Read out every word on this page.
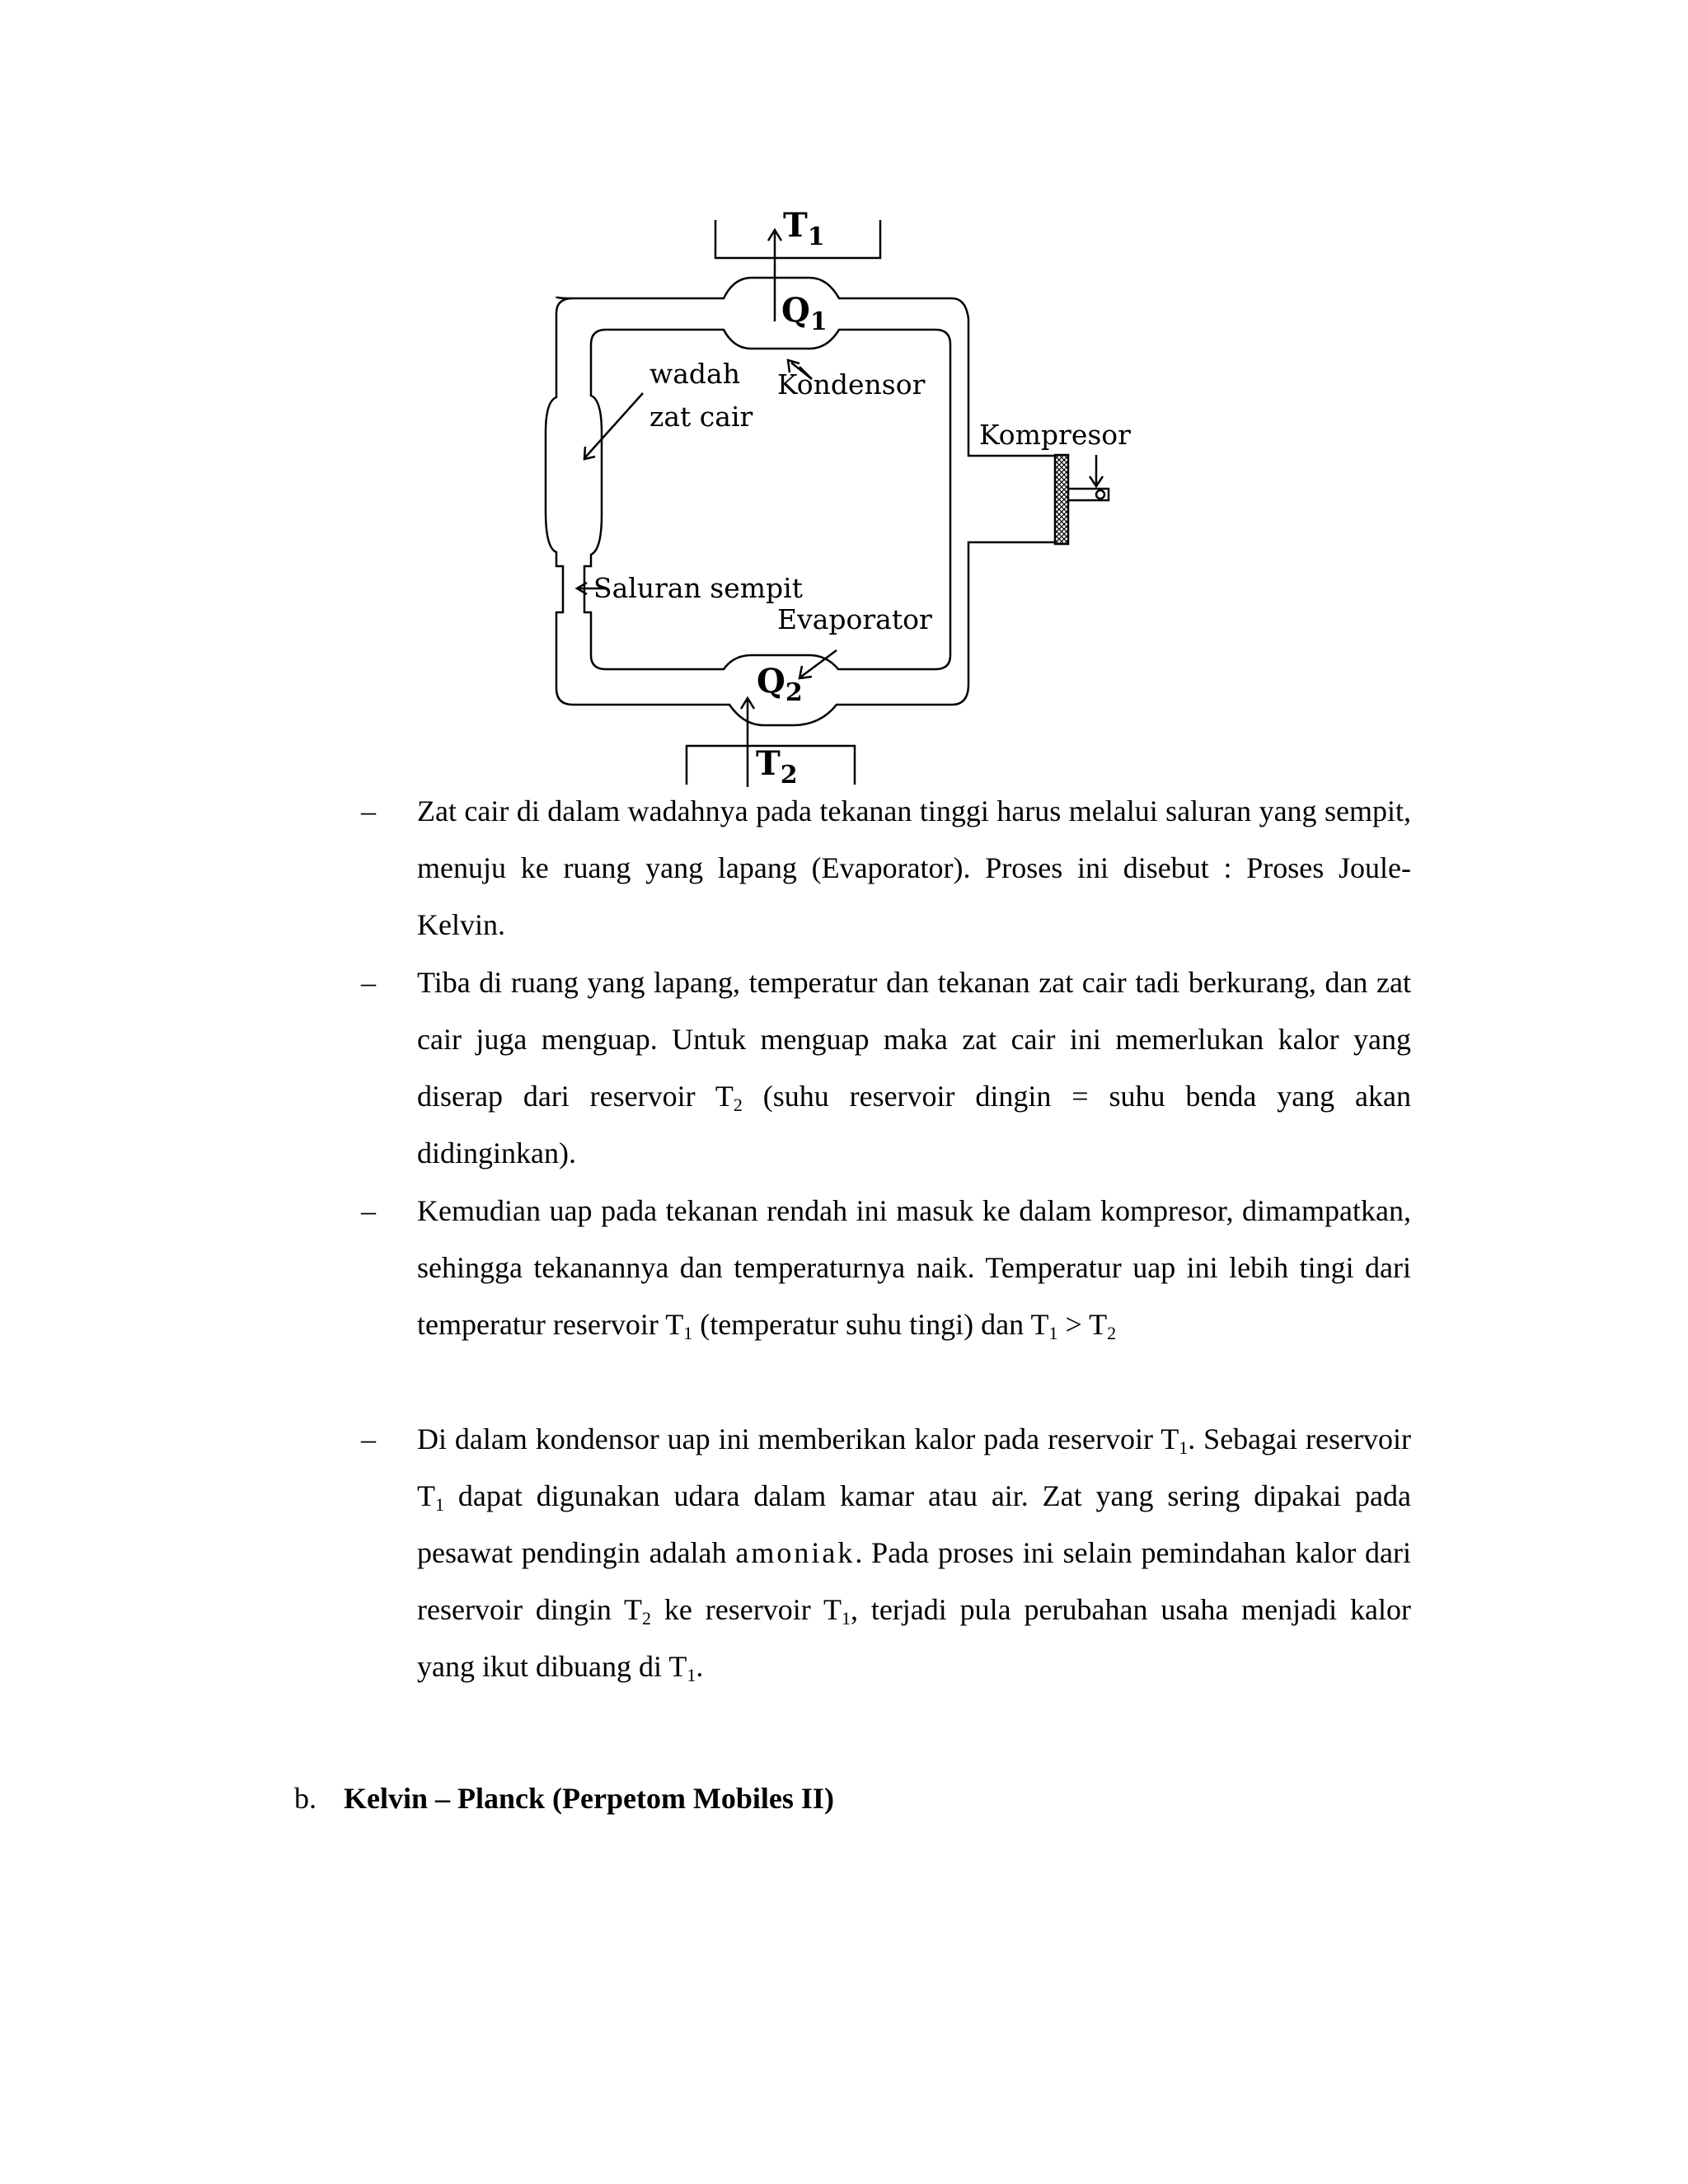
$T_1$
$Q_1$
wadah
zat cair
Kondensor
Kompresor
Saluran sempit
Evaporator
$Q_2$
$T_2$
–	Zat cair di dalam wadahnya pada tekanan tinggi harus melalui saluran yang sempit, menuju ke ruang yang lapang (Evaporator). Proses ini disebut : Proses Joule-Kelvin.
–	Tiba di ruang yang lapang, temperatur dan tekanan zat cair tadi berkurang, dan zat cair juga menguap. Untuk menguap maka zat cair ini memerlukan kalor yang diserap dari reservoir $T_2$ (suhu reservoir dingin = suhu benda yang akan didinginkan).
–	Kemudian uap pada tekanan rendah ini masuk ke dalam kompresor, dimampatkan, sehingga tekanannya dan temperaturnya naik. Temperatur uap ini lebih tingi dari temperatur reservoir $T_1$ (temperatur suhu tingi) dan $T_1 > T_2$
–	Di dalam kondensor uap ini memberikan kalor pada reservoir $T_1$. Sebagai reservoir $T_1$ dapat digunakan udara dalam kamar atau air. Zat yang sering dipakai pada pesawat pendingin adalah amoniak. Pada proses ini selain pemindahan kalor dari reservoir dingin $T_2$ ke reservoir $T_1$, terjadi pula perubahan usaha menjadi kalor yang ikut dibuang di $T_1$.
b. Kelvin – Planck (Perpetom Mobiles II)
